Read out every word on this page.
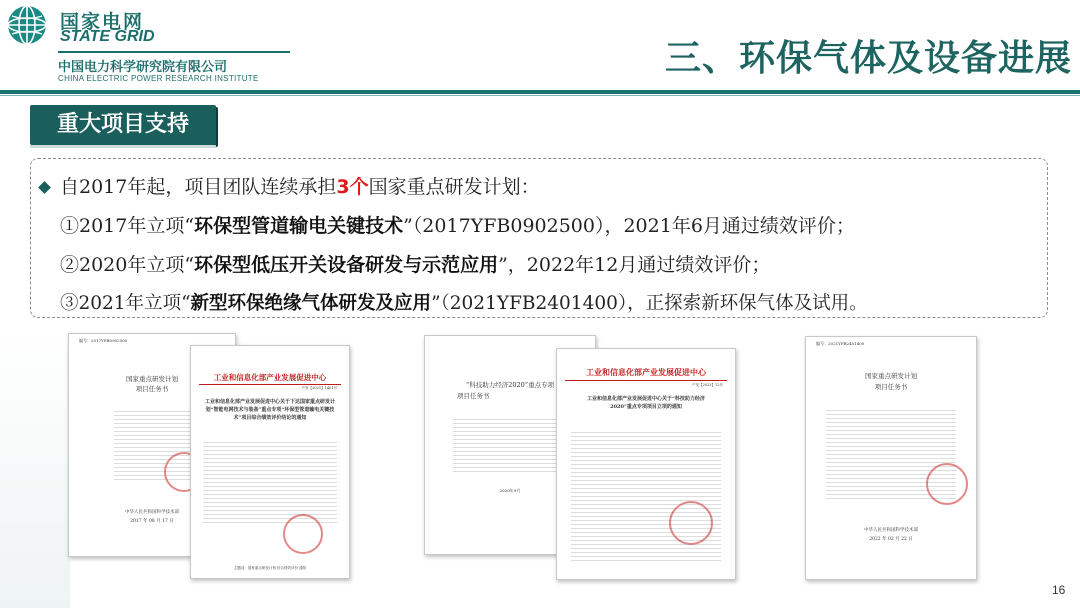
国家电网
STATE GRID
中国电力科学研究院有限公司
CHINA ELECTRIC POWER RESEARCH INSTITUTE	三、环保气体及设备进展
重大项目支持
自2017年起，项目团队连续承担3个国家重点研发计划：
①2017年立项“环保型管道输电关键技术”（2017YFB0902500），2021年6月通过绩效评价；
②2020年立项“环保型低压开关设备研发与示范应用”，2022年12月通过绩效评价；
③2021年立项“新型环保绝缘气体研发及应用”（2021YFB2401400），正探索新环保气体及试用。
编号：2017YFB0902500
国家重点研发计划
项目任务书
中华人民共和国科学技术部
2017 年 08 月 17 日
工业和信息化部产业发展促进中心
产发【2021】1401号
工业和信息化部产业发展促进中心关于下达国家重点研发计划“智能电网技术与装备”重点专项“环保型管道输电关键技术”项目综合绩效评价结论的通知
主题词：国家重点研发计划 综合绩效评价 通知
“科技助力经济2020”重点专项
项目任务书
2020年9月
工业和信息化部产业发展促进中心
产发【2023】12号
工业和信息化部产业发展促进中心关于“科技助力经济2020”重点专项项目立项的通知
编号：2021YFB2401400
国家重点研发计划
项目任务书
中华人民共和国科学技术部
2022 年 02 月 22 日
16
